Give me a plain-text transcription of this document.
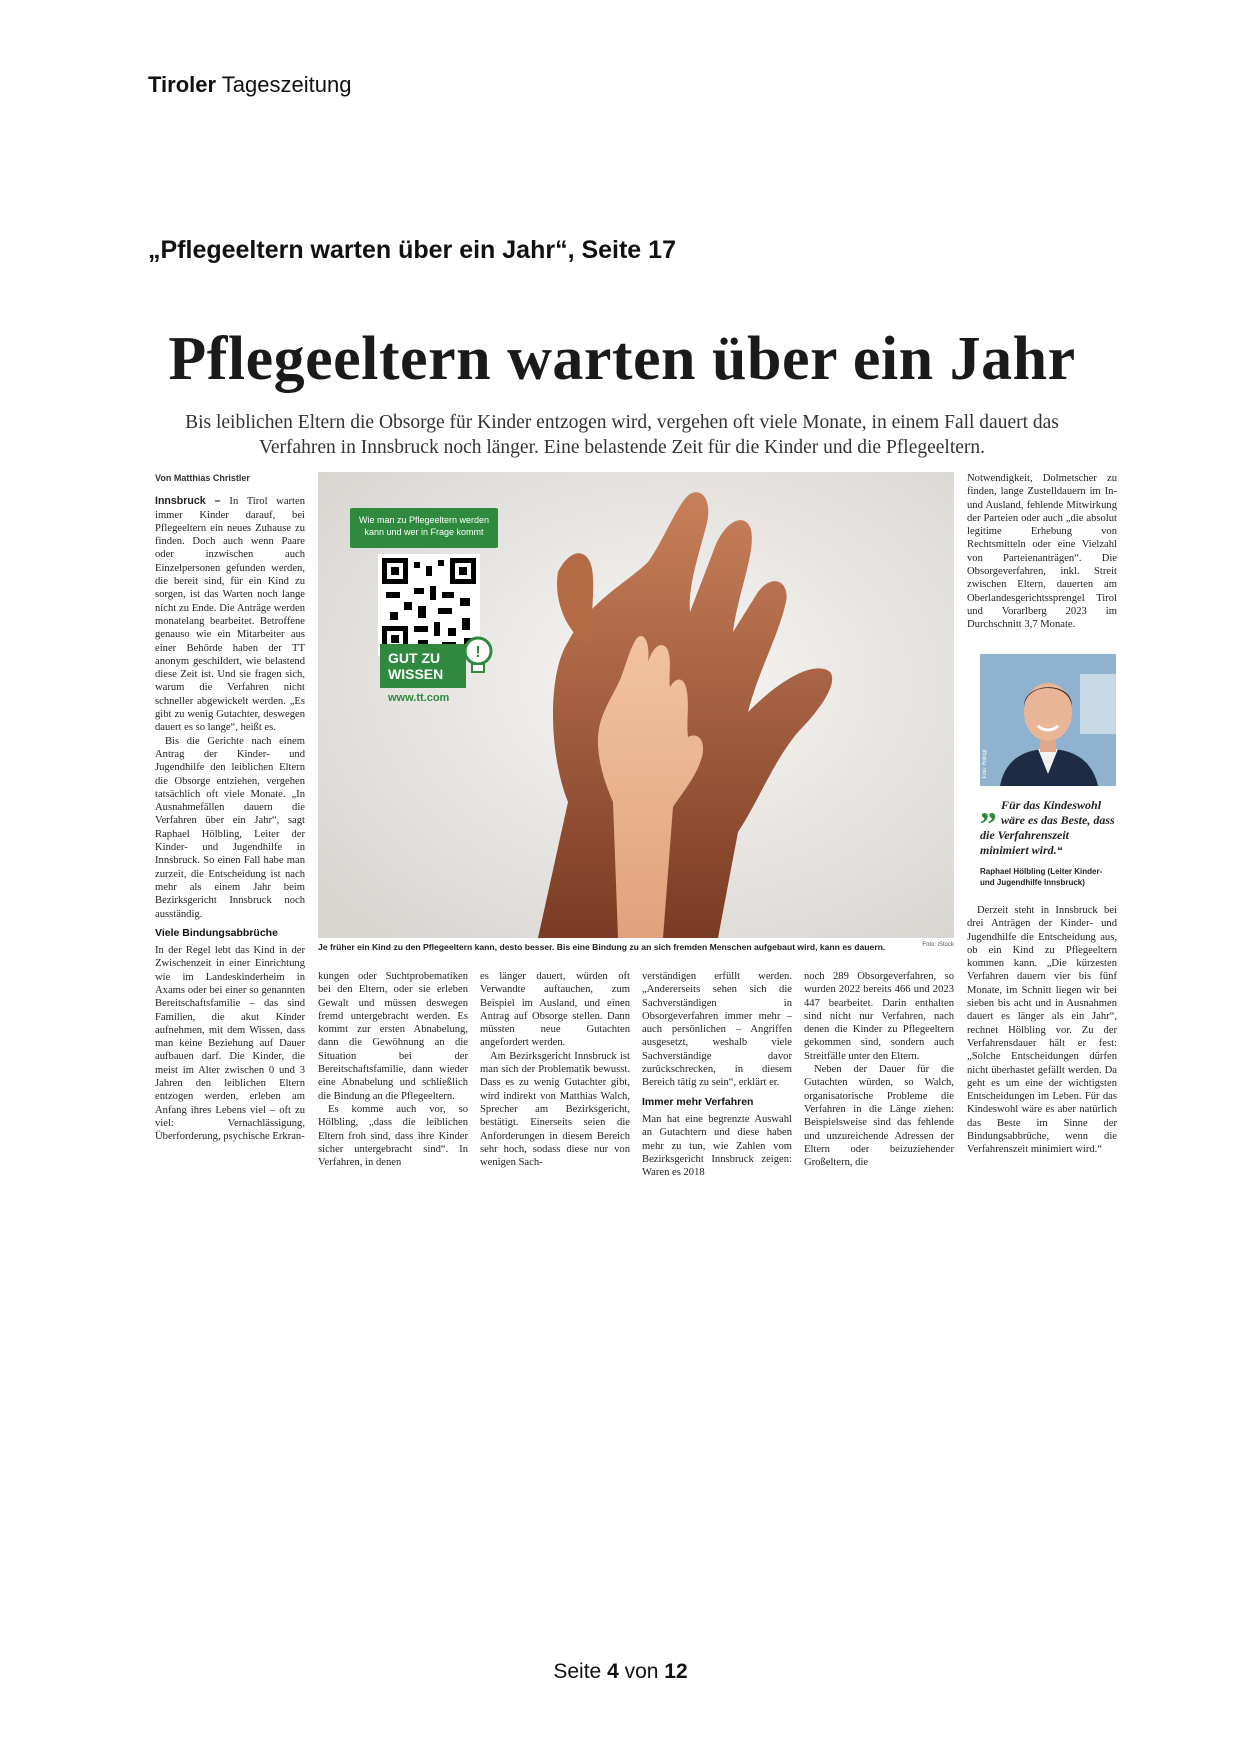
Tiroler Tageszeitung
„Pflegeeltern warten über ein Jahr“, Seite 17
Pflegeeltern warten über ein Jahr
Bis leiblichen Eltern die Obsorge für Kinder entzogen wird, vergehen oft viele Monate, in einem Fall dauert das Verfahren in Innsbruck noch länger. Eine belastende Zeit für die Kinder und die Pflegeeltern.
Von Matthias Christler

Innsbruck – In Tirol warten immer Kinder darauf, bei Pflegeeltern ein neues Zuhause zu finden. Doch auch wenn Paare oder inzwischen auch Einzelpersonen gefunden werden, die bereit sind, für ein Kind zu sorgen, ist das Warten noch lange nicht zu Ende. Die Anträge werden monatelang bearbeitet. Betroffene genauso wie ein Mitarbeiter aus einer Behörde haben der TT anonym geschildert, wie belastend diese Zeit ist. Und sie fragen sich, warum die Verfahren nicht schneller abgewickelt werden. „Es gibt zu wenig Gutachter, deswegen dauert es so lange“, heißt es.

Bis die Gerichte nach einem Antrag der Kinder- und Jugendhilfe den leiblichen Eltern die Obsorge entziehen, vergehen tatsächlich oft viele Monate. „In Ausnahmefällen dauern die Verfahren über ein Jahr“, sagt Raphael Hölbling, Leiter der Kinder- und Jugendhilfe in Innsbruck. So einen Fall habe man zurzeit, die Entscheidung ist nach mehr als einem Jahr beim Bezirksgericht Innsbruck noch ausständig.

Viele Bindungsabbrüche

In der Regel lebt das Kind in der Zwischenzeit in einer Einrichtung wie im Landeskinderheim in Axams oder bei einer so genannten Bereitschaftsfamilie – das sind Familien, die akut Kinder aufnehmen, mit dem Wissen, dass man keine Beziehung auf Dauer aufbauen darf. Die Kinder, die meist im Alter zwischen 0 und 3 Jahren den leiblichen Eltern entzogen werden, erleben am Anfang ihres Lebens viel – oft zu viel: Vernachlässigung, Überforderung, psychische Erkran-

Wie man zu Pflegeeltern werden kann und wer in Frage kommt
GUT ZU WISSEN
!
www.tt.com
Je früher ein Kind zu den Pflegeeltern kann, desto besser. Bis eine Bindung zu an sich fremden Menschen aufgebaut wird, kann es dauern.	Foto: iStock

Notwendigkeit, Dolmetscher zu finden, lange Zustelldauern im In- und Ausland, fehlende Mitwirkung der Parteien oder auch „die absolut legitime Erhebung von Rechtsmitteln oder eine Vielzahl von Parteienanträgen“. Die Obsorgeverfahren, inkl. Streit zwischen Eltern, dauerten am Oberlandesgerichtssprengel Tirol und Vorarlberg 2023 im Durchschnitt 3,7 Monate.

Foto: Hollrigl
„ Für das Kindeswohl wäre es das Beste, dass die Verfahrenszeit minimiert wird.“
Raphael Hölbling (Leiter Kinder- und Jugendhilfe Innsbruck)

Derzeit steht in Innsbruck bei drei Anträgen der Kinder- und Jugendhilfe die Entscheidung aus, ob ein Kind zu Pflegeeltern kommen kann. „Die kürzesten Verfahren dauern vier bis fünf Monate, im Schnitt liegen wir bei sieben bis acht und in Ausnahmen dauert es länger als ein Jahr“, rechnet Hölbling vor. Zu der Verfahrensdauer hält er fest: „Solche Entscheidungen dürfen nicht überhastet gefällt werden. Da geht es um eine der wichtigsten Entscheidungen im Leben. Für das Kindeswohl wäre es aber natürlich das Beste im Sinne der Bindungsabbrüche, wenn die Verfahrenszeit minimiert wird.“

kungen oder Suchtprobematiken bei den Eltern, oder sie erleben Gewalt und müssen deswegen fremd untergebracht werden. Es kommt zur ersten Abnabelung, dann die Gewöhnung an die Situation bei der Bereitschaftsfamilie, dann wieder eine Abnabelung und schließlich die Bindung an die Pflegeeltern.

Es komme auch vor, so Hölbling, „dass die leiblichen Eltern froh sind, dass ihre Kinder sicher untergebracht sind“. In Verfahren, in denen

es länger dauert, würden oft Verwandte auftauchen, zum Beispiel im Ausland, und einen Antrag auf Obsorge stellen. Dann müssten neue Gutachten angefordert werden.

Am Bezirksgericht Innsbruck ist man sich der Problematik bewusst. Dass es zu wenig Gutachter gibt, wird indirekt von Matthias Walch, Sprecher am Bezirksgericht, bestätigt. Einerseits seien die Anforderungen in diesem Bereich sehr hoch, sodass diese nur von wenigen Sach-

verständigen erfüllt werden. „Andererseits sehen sich die Sachverständigen in Obsorgeverfahren immer mehr – auch persönlichen – Angriffen ausgesetzt, weshalb viele Sachverständige davor zurückschrecken, in diesem Bereich tätig zu sein“, erklärt er.

Immer mehr Verfahren

Man hat eine begrenzte Auswahl an Gutachtern und diese haben mehr zu tun, wie Zahlen vom Bezirksgericht Innsbruck zeigen: Waren es 2018

noch 289 Obsorgeverfahren, so wurden 2022 bereits 466 und 2023 447 bearbeitet. Darin enthalten sind nicht nur Verfahren, nach denen die Kinder zu Pflegeeltern gekommen sind, sondern auch Streitfälle unter den Eltern.

Neben der Dauer für die Gutachten würden, so Walch, organisatorische Probleme die Verfahren in die Länge ziehen: Beispielsweise sind das fehlende und unzureichende Adressen der Eltern oder beizuziehender Großeltern, die

Seite 4 von 12
